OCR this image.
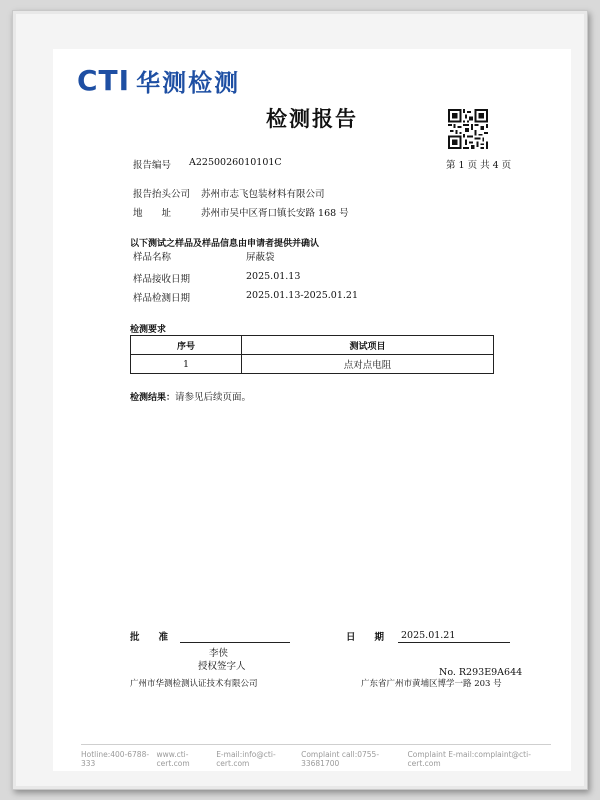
CTI 华测检测
检测报告
报告编号 A2250026010101C	第 1 页 共 4 页
报告抬头公司 苏州市志飞包装材料有限公司
地　　址	苏州市吴中区胥口镇长安路 168 号
以下测试之样品及样品信息由申请者提供并确认
样品名称	屏蔽袋
样品接收日期	2025.01.13
样品检测日期	2025.01.13-2025.01.21
检测要求
序号	测试项目
1	点对点电阻
检测结果：请参见后续页面。
批　　准
李侠
授权签字人
日　　期 2025.01.21
No. R293E9A644
广州市华测检测认证技术有限公司	广东省广州市黄埔区博学一路 203 号
Hotline:400-6788-333
www.cti-cert.com
E-mail:info@cti-cert.com
Complaint call:0755-33681700
Complaint E-mail:complaint@cti-cert.com
